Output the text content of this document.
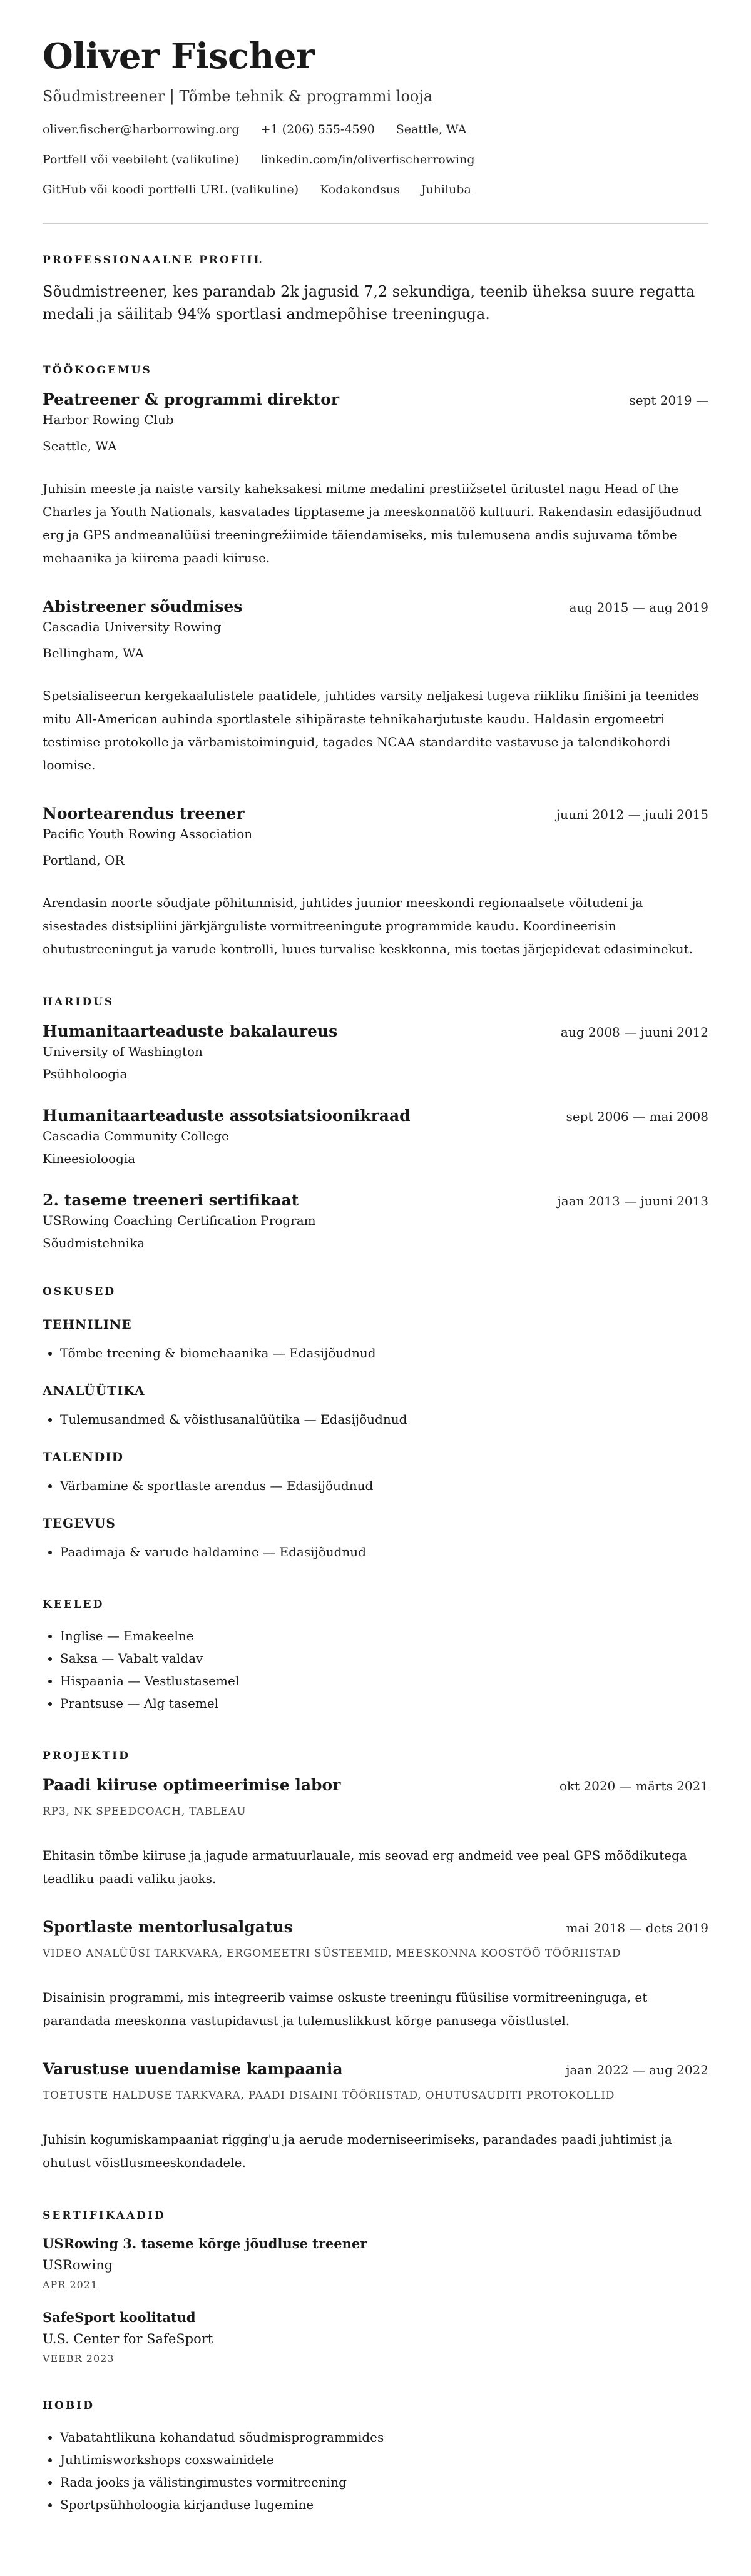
Oliver Fischer
Sõudmistreener | Tõmbe tehnik & programmi looja
oliver.fischer@harborrowing.org +1 (206) 555-4590 Seattle, WA
Portfell või veebileht (valikuline) linkedin.com/in/oliverfischerrowing
GitHub või koodi portfelli URL (valikuline) Kodakondsus Juhiluba
PROFESSIONAALNE PROFIIL
Sõudmistreener, kes parandab 2k jagusid 7,2 sekundiga, teenib üheksa suure regatta medali ja säilitab 94% sportlasi andmepõhise treeninguga.
TÖÖKOGEMUS
Peatreener & programmi direktor	sept 2019 —
Harbor Rowing Club
Seattle, WA
Juhisin meeste ja naiste varsity kaheksakesi mitme medalini prestiižsetel üritustel nagu Head of the Charles ja Youth Nationals, kasvatades tipptaseme ja meeskonnatöö kultuuri. Rakendasin edasijõudnud erg ja GPS andmeanalüüsi treeningrežiimide täiendamiseks, mis tulemusena andis sujuvama tõmbe mehaanika ja kiirema paadi kiiruse.
Abistreener sõudmises	aug 2015 — aug 2019
Cascadia University Rowing
Bellingham, WA
Spetsialiseerun kergekaalulistele paatidele, juhtides varsity neljakesi tugeva riikliku finišini ja teenides mitu All-American auhinda sportlastele sihipäraste tehnikaharjutuste kaudu. Haldasin ergomeetri testimise protokolle ja värbamistoiminguid, tagades NCAA standardite vastavuse ja talendikohordi loomise.
Noortearendus treener	juuni 2012 — juuli 2015
Pacific Youth Rowing Association
Portland, OR
Arendasin noorte sõudjate põhitunnisid, juhtides juunior meeskondi regionaalsete võitudeni ja sisestades distsipliini järkjärguliste vormitreeningute programmide kaudu. Koordineerisin ohutustreeningut ja varude kontrolli, luues turvalise keskkonna, mis toetas järjepidevat edasiminekut.
HARIDUS
Humanitaarteaduste bakalaureus	aug 2008 — juuni 2012
University of Washington
Psühholoogia
Humanitaarteaduste assotsiatsioonikraad	sept 2006 — mai 2008
Cascadia Community College
Kineesioloogia
2. taseme treeneri sertifikaat	jaan 2013 — juuni 2013
USRowing Coaching Certification Program
Sõudmistehnika
OSKUSED
TEHNILINE
• Tõmbe treening & biomehaanika — Edasijõudnud
ANALÜÜTIKA
• Tulemusandmed & võistlusanalüütika — Edasijõudnud
TALENDID
• Värbamine & sportlaste arendus — Edasijõudnud
TEGEVUS
• Paadimaja & varude haldamine — Edasijõudnud
KEELED
• Inglise — Emakeelne
• Saksa — Vabalt valdav
• Hispaania — Vestlustasemel
• Prantsuse — Alg tasemel
PROJEKTID
Paadi kiiruse optimeerimise labor	okt 2020 — märts 2021
RP3, NK SPEEDCOACH, TABLEAU
Ehitasin tõmbe kiiruse ja jagude armatuurlauale, mis seovad erg andmeid vee peal GPS mõõdikutega teadliku paadi valiku jaoks.
Sportlaste mentorlusalgatus	mai 2018 — dets 2019
VIDEO ANALÜÜSI TARKVARA, ERGOMEETRI SÜSTEEMID, MEESKONNA KOOSTÖÖ TÖÖRIISTAD
Disainisin programmi, mis integreerib vaimse oskuste treeningu füüsilise vormitreeninguga, et parandada meeskonna vastupidavust ja tulemuslikkust kõrge panusega võistlustel.
Varustuse uuendamise kampaania	jaan 2022 — aug 2022
TOETUSTE HALDUSE TARKVARA, PAADI DISAINI TÖÖRIISTAD, OHUTUSAUDITI PROTOKOLLID
Juhisin kogumiskampaaniat rigging'u ja aerude moderniseerimiseks, parandades paadi juhtimist ja ohutust võistlusmeeskondadele.
SERTIFIKAADID
USRowing 3. taseme kõrge jõudluse treener
USRowing
APR 2021
SafeSport koolitatud
U.S. Center for SafeSport
VEEBR 2023
HOBID
• Vabatahtlikuna kohandatud sõudmisprogrammides
• Juhtimisworkshops coxswainidele
• Rada jooks ja välistingimustes vormitreening
• Sportpsühholoogia kirjanduse lugemine
